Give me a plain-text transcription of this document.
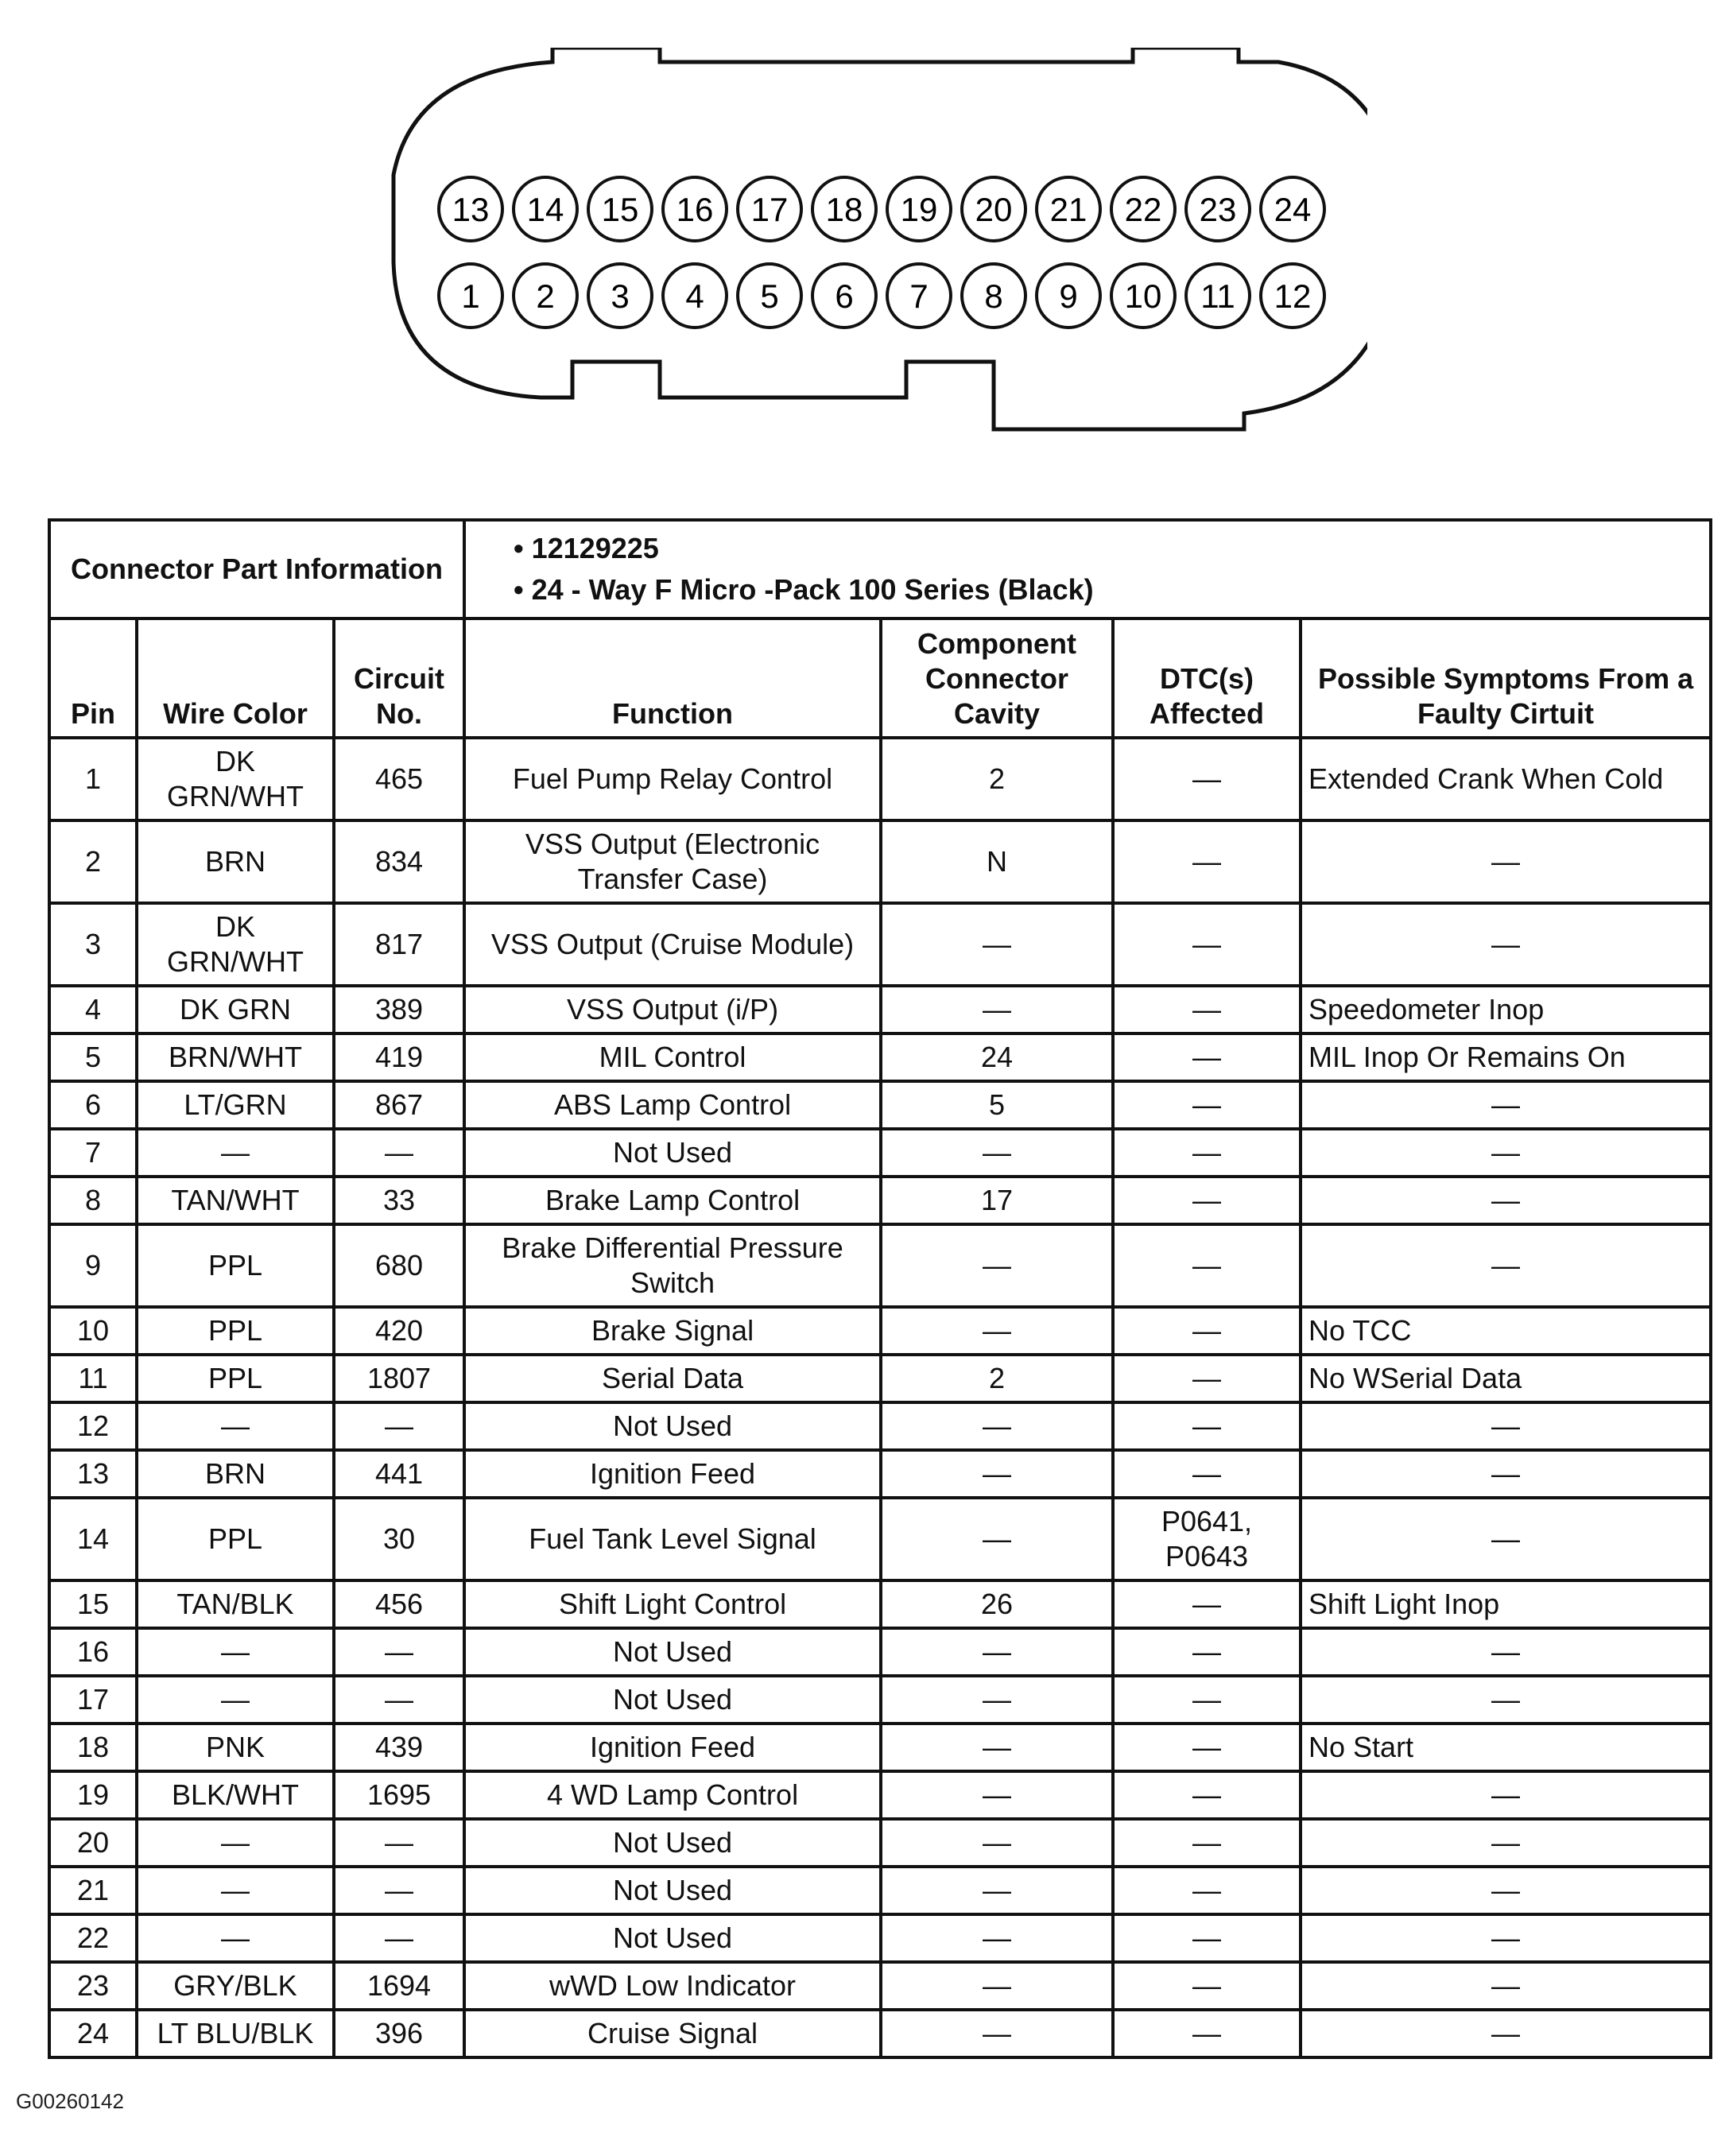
13 14 15 16 17 18 19 20 21 22 23 24
1 2 3 4 5 6 7 8 9 10 11 12
Connector Part Information			• 12129225
• 24 - Way F Micro -Pack 100 Series (Black)			

Pin	Wire Color	Circuit No.	Function	Component Connector Cavity	DTC(s) Affected	Possible Symptoms From a Faulty Cirtuit
1	DK GRN/WHT	465	Fuel Pump Relay Control	2	—	Extended Crank When Cold
2	BRN	834	VSS Output (Electronic Transfer Case)	N	—	—
3	DK GRN/WHT	817	VSS Output (Cruise Module)	—	—	—
4	DK GRN	389	VSS Output (i/P)	—	—	Speedometer Inop
5	BRN/WHT	419	MIL Control	24	—	MIL Inop Or Remains On
6	LT/GRN	867	ABS Lamp Control	5	—	—
7	—	—	Not Used	—	—	—
8	TAN/WHT	33	Brake Lamp Control	17	—	—
9	PPL	680	Brake Differential Pressure Switch	—	—	—
10	PPL	420	Brake Signal	—	—	No TCC
11	PPL	1807	Serial Data	2	—	No WSerial Data
12	—	—	Not Used	—	—	—
13	BRN	441	Ignition Feed	—	—	—
14	PPL	30	Fuel Tank Level Signal	—	P0641, P0643	—
15	TAN/BLK	456	Shift Light Control	26	—	Shift Light Inop
16	—	—	Not Used	—	—	—
17	—	—	Not Used	—	—	—
18	PNK	439	Ignition Feed	—	—	No Start
19	BLK/WHT	1695	4 WD Lamp Control	—	—	—
20	—	—	Not Used	—	—	—
21	—	—	Not Used	—	—	—
22	—	—	Not Used	—	—	—
23	GRY/BLK	1694	wWD Low Indicator	—	—	—
24	LT BLU/BLK	396	Cruise Signal	—	—	—
G00260142
